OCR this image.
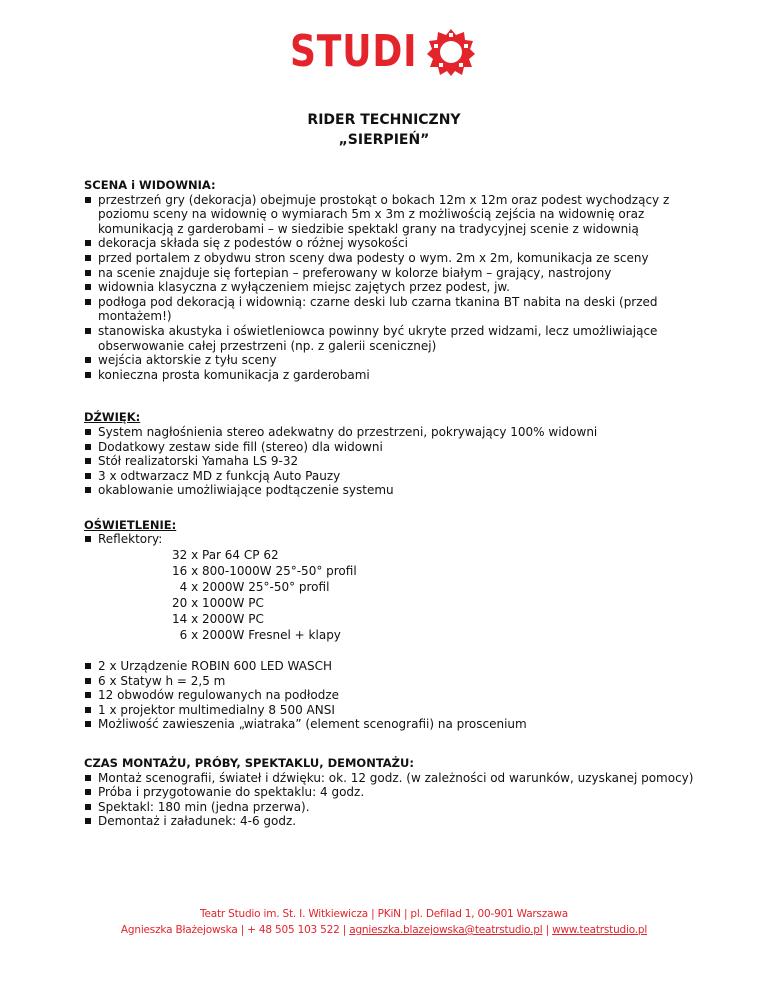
STUDI
RIDER TECHNICZNY
„SIERPIEŃ”
SCENA i WIDOWNIA:
przestrzeń gry (dekoracja) obejmuje prostokąt o bokach 12m x 12m oraz podest wychodzący z poziomu sceny na widownię o wymiarach 5m x 3m z możliwością zejścia na widownię oraz komunikacją z garderobami – w siedzibie spektakl grany na tradycyjnej scenie z widownią
dekoracja składa się z podestów o różnej wysokości
przed portalem z obydwu stron sceny dwa podesty o wym. 2m x 2m, komunikacja ze sceny
na scenie znajduje się fortepian – preferowany w kolorze białym – grający, nastrojony
widownia klasyczna z wyłączeniem miejsc zajętych przez podest, jw.
podłoga pod dekoracją i widownią: czarne deski lub czarna tkanina BT nabita na deski (przed montażem!)
stanowiska akustyka i oświetleniowca powinny być ukryte przed widzami, lecz umożliwiające obserwowanie całej przestrzeni (np. z galerii scenicznej)
wejścia aktorskie z tyłu sceny
konieczna prosta komunikacja z garderobami
DŹWIĘK:
System nagłośnienia stereo adekwatny do przestrzeni, pokrywający 100% widowni
Dodatkowy zestaw side fill (stereo) dla widowni
Stół realizatorski Yamaha LS 9-32
3 x odtwarzacz MD z funkcją Auto Pauzy
okablowanie umożliwiające podtączenie systemu
OŚWIETLENIE:
Reflektory:
32 x Par 64 CP 62
16 x 800-1000W 25°-50° profil
4 x 2000W 25°-50° profil
20 x 1000W PC
14 x 2000W PC
6 x 2000W Fresnel + klapy
2 x Urządzenie ROBIN 600 LED WASCH
6 x Statyw h = 2,5 m
12 obwodów regulowanych na podłodze
1 x projektor multimedialny 8 500 ANSI
Możliwość zawieszenia „wiatraka” (element scenografii) na proscenium
CZAS MONTAŻU, PRÓBY, SPEKTAKLU, DEMONTAŻU:
Montaż scenografii, świateł i dźwięku: ok. 12 godz. (w zależności od warunków, uzyskanej pomocy)
Próba i przygotowanie do spektaklu: 4 godz.
Spektakl: 180 min (jedna przerwa).
Demontaż i załadunek: 4-6 godz.
Teatr Studio im. St. I. Witkiewicza | PKiN | pl. Defilad 1, 00-901 Warszawa
Agnieszka Błażejowska | + 48 505 103 522 | agnieszka.blazejowska@teatrstudio.pl | www.teatrstudio.pl
